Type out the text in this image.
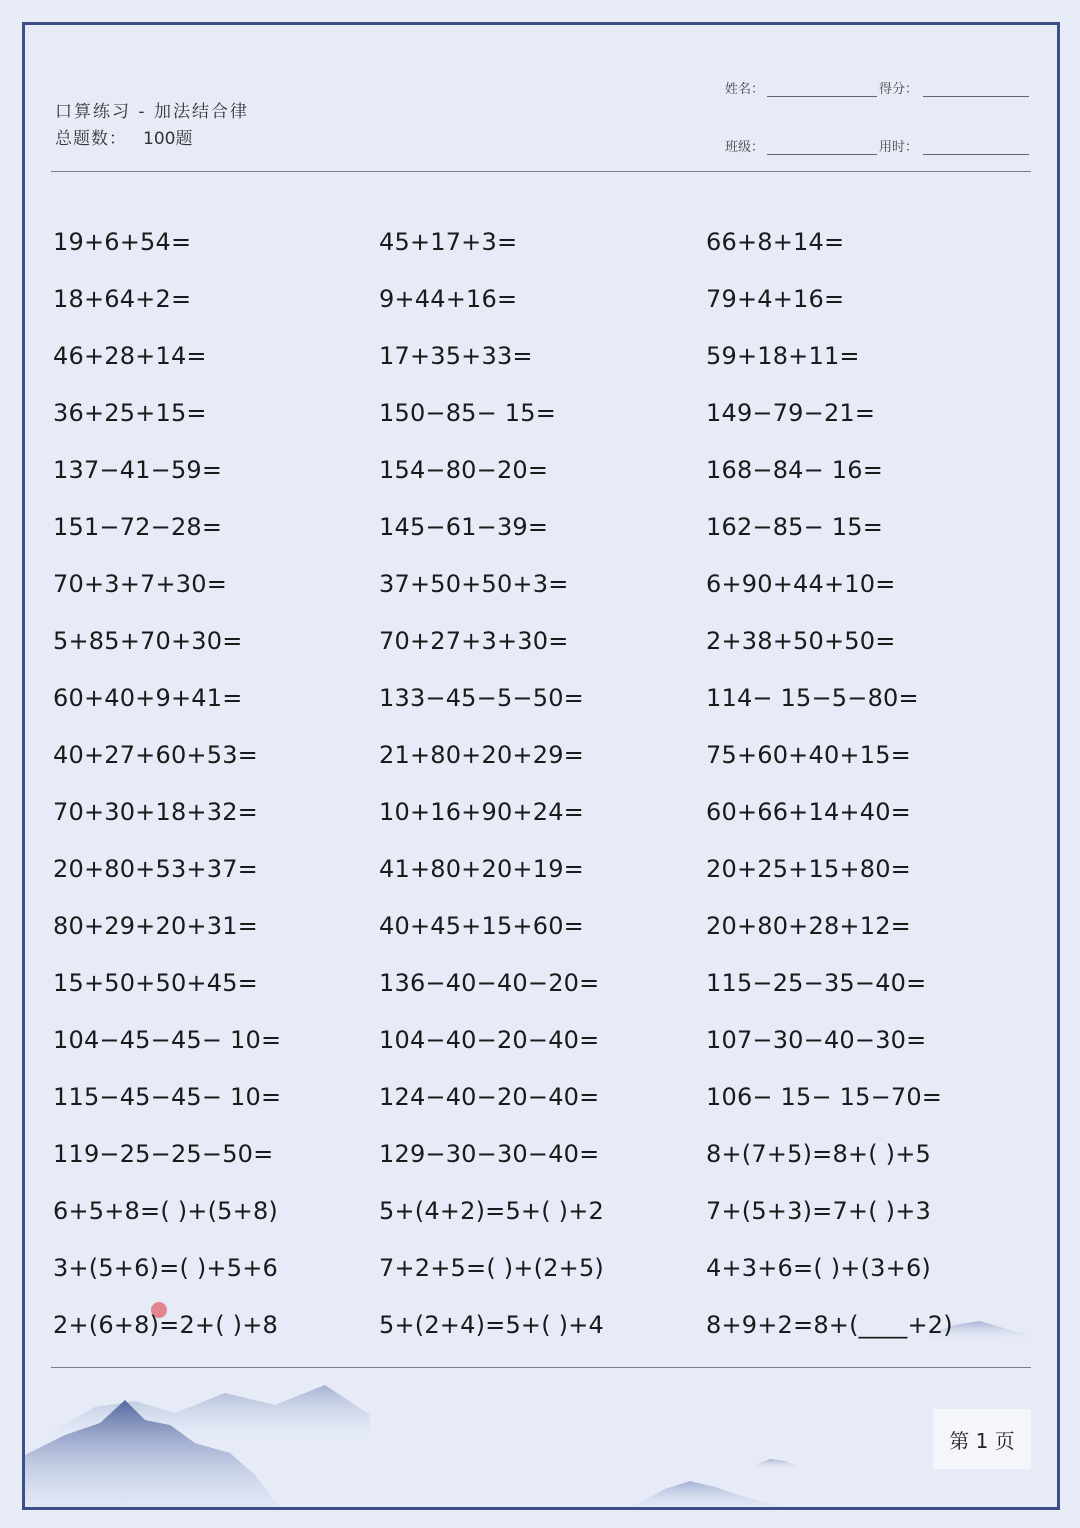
口算练习 - 加法结合律
总题数： 100题
姓名：	得分：
班级：	用时：
19+6+54=	45+17+3=	66+8+14=
18+64+2=	9+44+16=	79+4+16=
46+28+14=	17+35+33=	59+18+11=
36+25+15=	150−85− 15=	149−79−21=
137−41−59=	154−80−20=	168−84− 16=
151−72−28=	145−61−39=	162−85− 15=
70+3+7+30=	37+50+50+3=	6+90+44+10=
5+85+70+30=	70+27+3+30=	2+38+50+50=
60+40+9+41=	133−45−5−50=	114− 15−5−80=
40+27+60+53=	21+80+20+29=	75+60+40+15=
70+30+18+32=	10+16+90+24=	60+66+14+40=
20+80+53+37=	41+80+20+19=	20+25+15+80=
80+29+20+31=	40+45+15+60=	20+80+28+12=
15+50+50+45=	136−40−40−20=	115−25−35−40=
104−45−45− 10=	104−40−20−40=	107−30−40−30=
115−45−45− 10=	124−40−20−40=	106− 15− 15−70=
119−25−25−50=	129−30−30−40=	8+(7+5)=8+( )+5
6+5+8=( )+(5+8)	5+(4+2)=5+( )+2	7+(5+3)=7+( )+3
3+(5+6)=( )+5+6	7+2+5=( )+(2+5)	4+3+6=( )+(3+6)
2+(6+8)=2+( )+8	5+(2+4)=5+( )+4	8+9+2=8+(____+2)
第 1 页
